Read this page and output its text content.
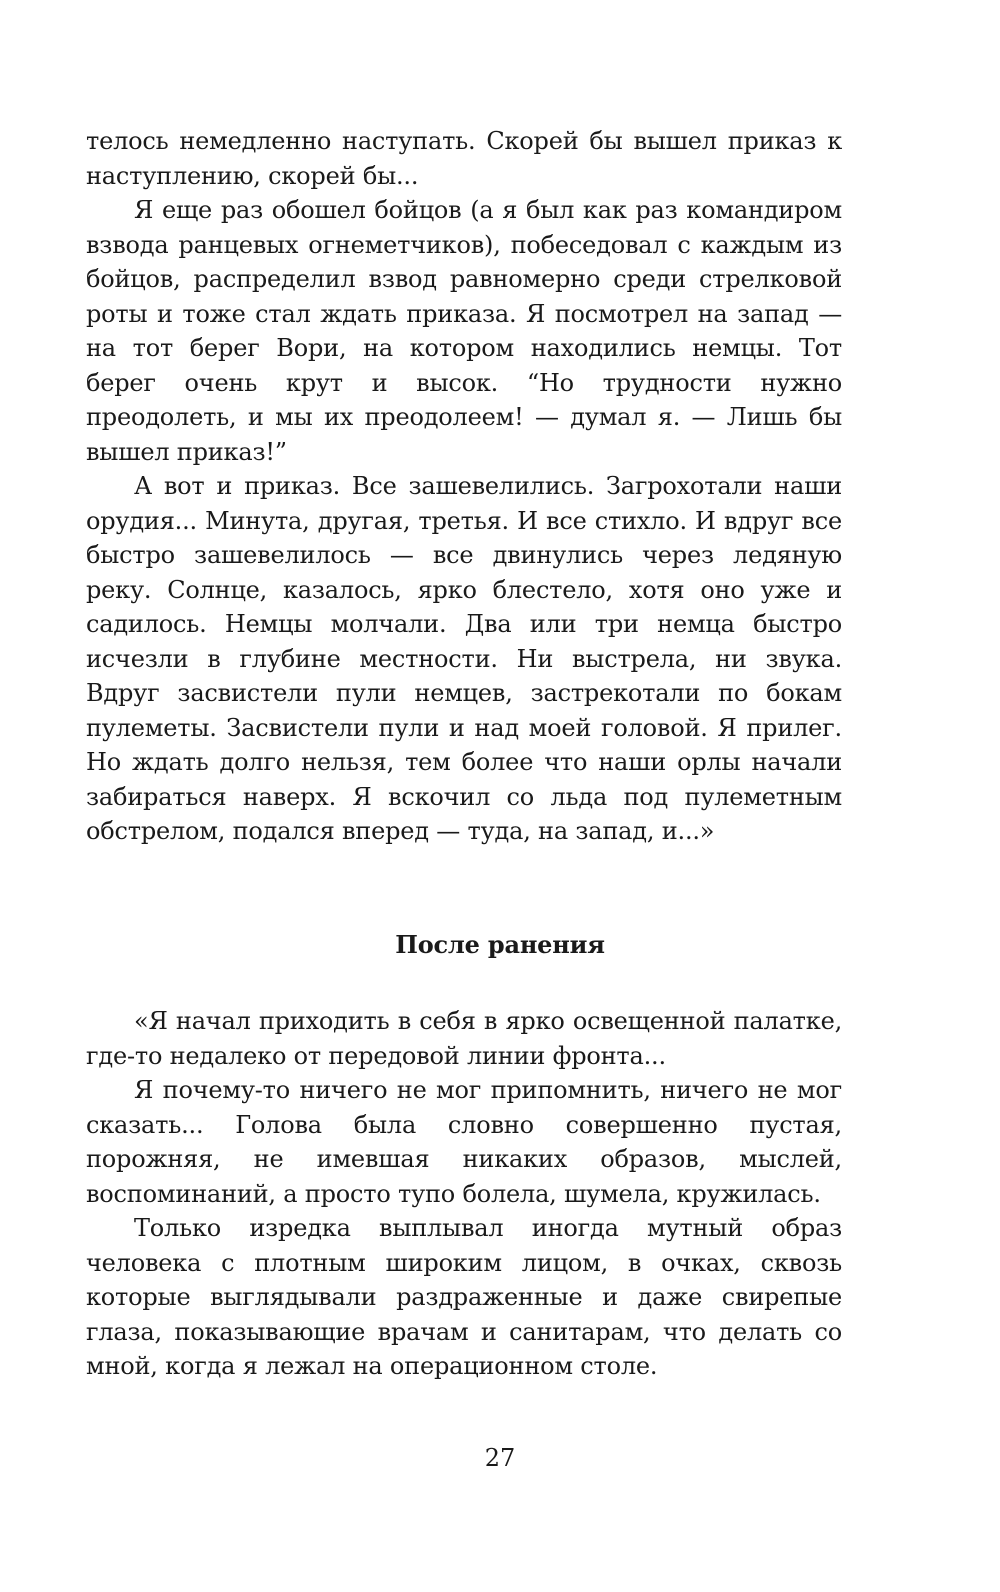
телось немедленно наступать. Скорей бы вышел приказ к наступлению, скорей бы...

Я еще раз обошел бойцов (а я был как раз командиром взвода ранцевых огнеметчиков), побеседовал с каждым из бойцов, распределил взвод равномерно среди стрелковой роты и тоже стал ждать приказа. Я посмотрел на запад — на тот берег Вори, на котором находились немцы. Тот берег очень крут и высок. “Но трудности нужно преодолеть, и мы их преодолеем! — думал я. — Лишь бы вышел приказ!”

А вот и приказ. Все зашевелились. Загрохотали наши орудия... Минута, другая, третья. И все стихло. И вдруг все быстро зашевелилось — все двинулись через ледяную реку. Солнце, казалось, ярко блестело, хотя оно уже и садилось. Немцы молчали. Два или три немца быстро исчезли в глубине местности. Ни выстрела, ни звука. Вдруг засвистели пули немцев, застрекотали по бокам пулеметы. Засвистели пули и над моей головой. Я прилег. Но ждать долго нельзя, тем более что наши орлы начали забираться наверх. Я вскочил со льда под пулеметным обстрелом, подался вперед — туда, на запад, и...»

После ранения

«Я начал приходить в себя в ярко освещенной палатке, где-то недалеко от передовой линии фронта...

Я почему-то ничего не мог припомнить, ничего не мог сказать... Голова была словно совершенно пустая, порожняя, не имевшая никаких образов, мыслей, воспоминаний, а просто тупо болела, шумела, кружилась.

Только изредка выплывал иногда мутный образ человека с плотным широким лицом, в очках, сквозь которые выглядывали раздраженные и даже свирепые глаза, показывающие врачам и санитарам, что делать со мной, когда я лежал на операционном столе.

27
